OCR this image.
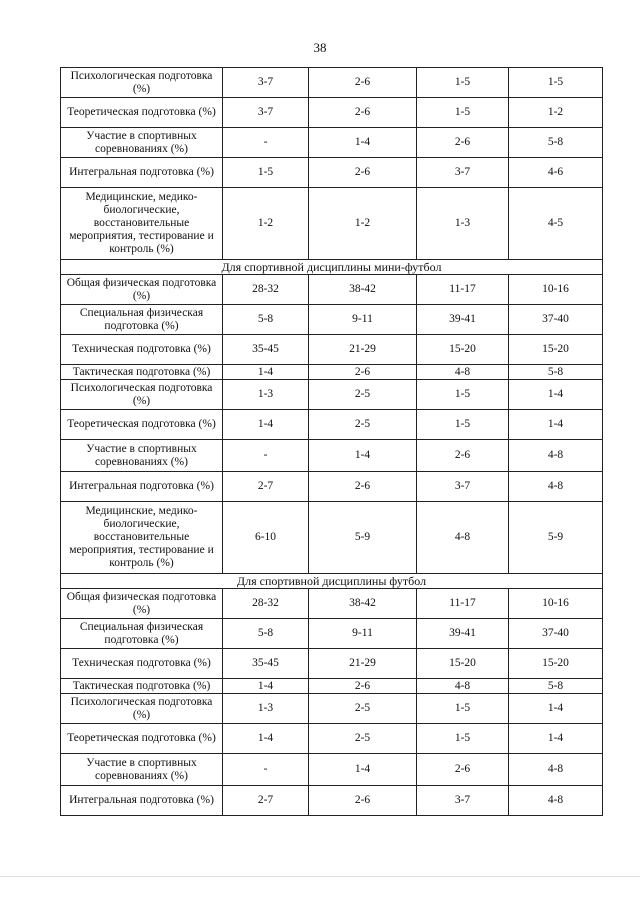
38
Психологическая подготовка (%)	3-7	2-6	1-5	1-5
Теоретическая подготовка (%)	3-7	2-6	1-5	1-2
Участие в спортивных соревнованиях (%)	-	1-4	2-6	5-8
Интегральная подготовка (%)	1-5	2-6	3-7	4-6
Медицинские, медико-биологические, восстановительные мероприятия, тестирование и контроль (%)	1-2	1-2	1-3	4-5
Для спортивной дисциплины мини-футбол				
Общая физическая подготовка (%)	28-32	38-42	11-17	10-16
Специальная физическая подготовка (%)	5-8	9-11	39-41	37-40
Техническая подготовка (%)	35-45	21-29	15-20	15-20
Тактическая подготовка (%)	1-4	2-6	4-8	5-8
Психологическая подготовка (%)	1-3	2-5	1-5	1-4
Теоретическая подготовка (%)	1-4	2-5	1-5	1-4
Участие в спортивных соревнованиях (%)	-	1-4	2-6	4-8
Интегральная подготовка (%)	2-7	2-6	3-7	4-8
Медицинские, медико-биологические, восстановительные мероприятия, тестирование и контроль (%)	6-10	5-9	4-8	5-9
Для спортивной дисциплины футбол				
Общая физическая подготовка (%)	28-32	38-42	11-17	10-16
Специальная физическая подготовка (%)	5-8	9-11	39-41	37-40
Техническая подготовка (%)	35-45	21-29	15-20	15-20
Тактическая подготовка (%)	1-4	2-6	4-8	5-8
Психологическая подготовка (%)	1-3	2-5	1-5	1-4
Теоретическая подготовка (%)	1-4	2-5	1-5	1-4
Участие в спортивных соревнованиях (%)	-	1-4	2-6	4-8
Интегральная подготовка (%)	2-7	2-6	3-7	4-8
